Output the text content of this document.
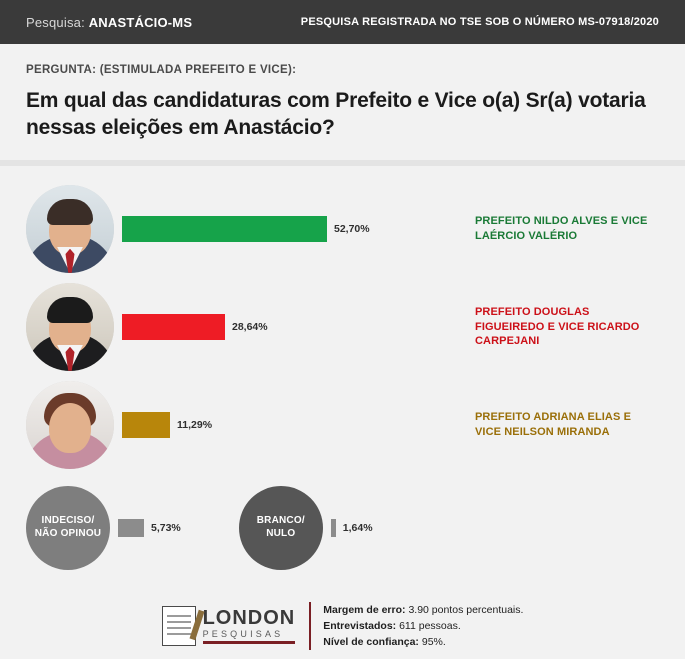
Pesquisa: ANASTÁCIO-MS	PESQUISA REGISTRADA NO TSE SOB O NÚMERO MS-07918/2020
PERGUNTA: (ESTIMULADA PREFEITO E VICE):
Em qual das candidaturas com Prefeito e Vice o(a) Sr(a) votaria nessas eleições em Anastácio?
52,70%
PREFEITO NILDO ALVES E VICE LAÉRCIO VALÉRIO
28,64%
PREFEITO DOUGLAS FIGUEIREDO E VICE RICARDO CARPEJANI
11,29%
PREFEITO ADRIANA ELIAS E VICE NEILSON MIRANDA
INDECISO/
NÃO OPINOU	5,73%
BRANCO/
NULO	1,64%
LONDON
PESQUISAS
Margem de erro: 3.90 pontos percentuais.
Entrevistados: 611 pessoas.
Nível de confiança: 95%.
